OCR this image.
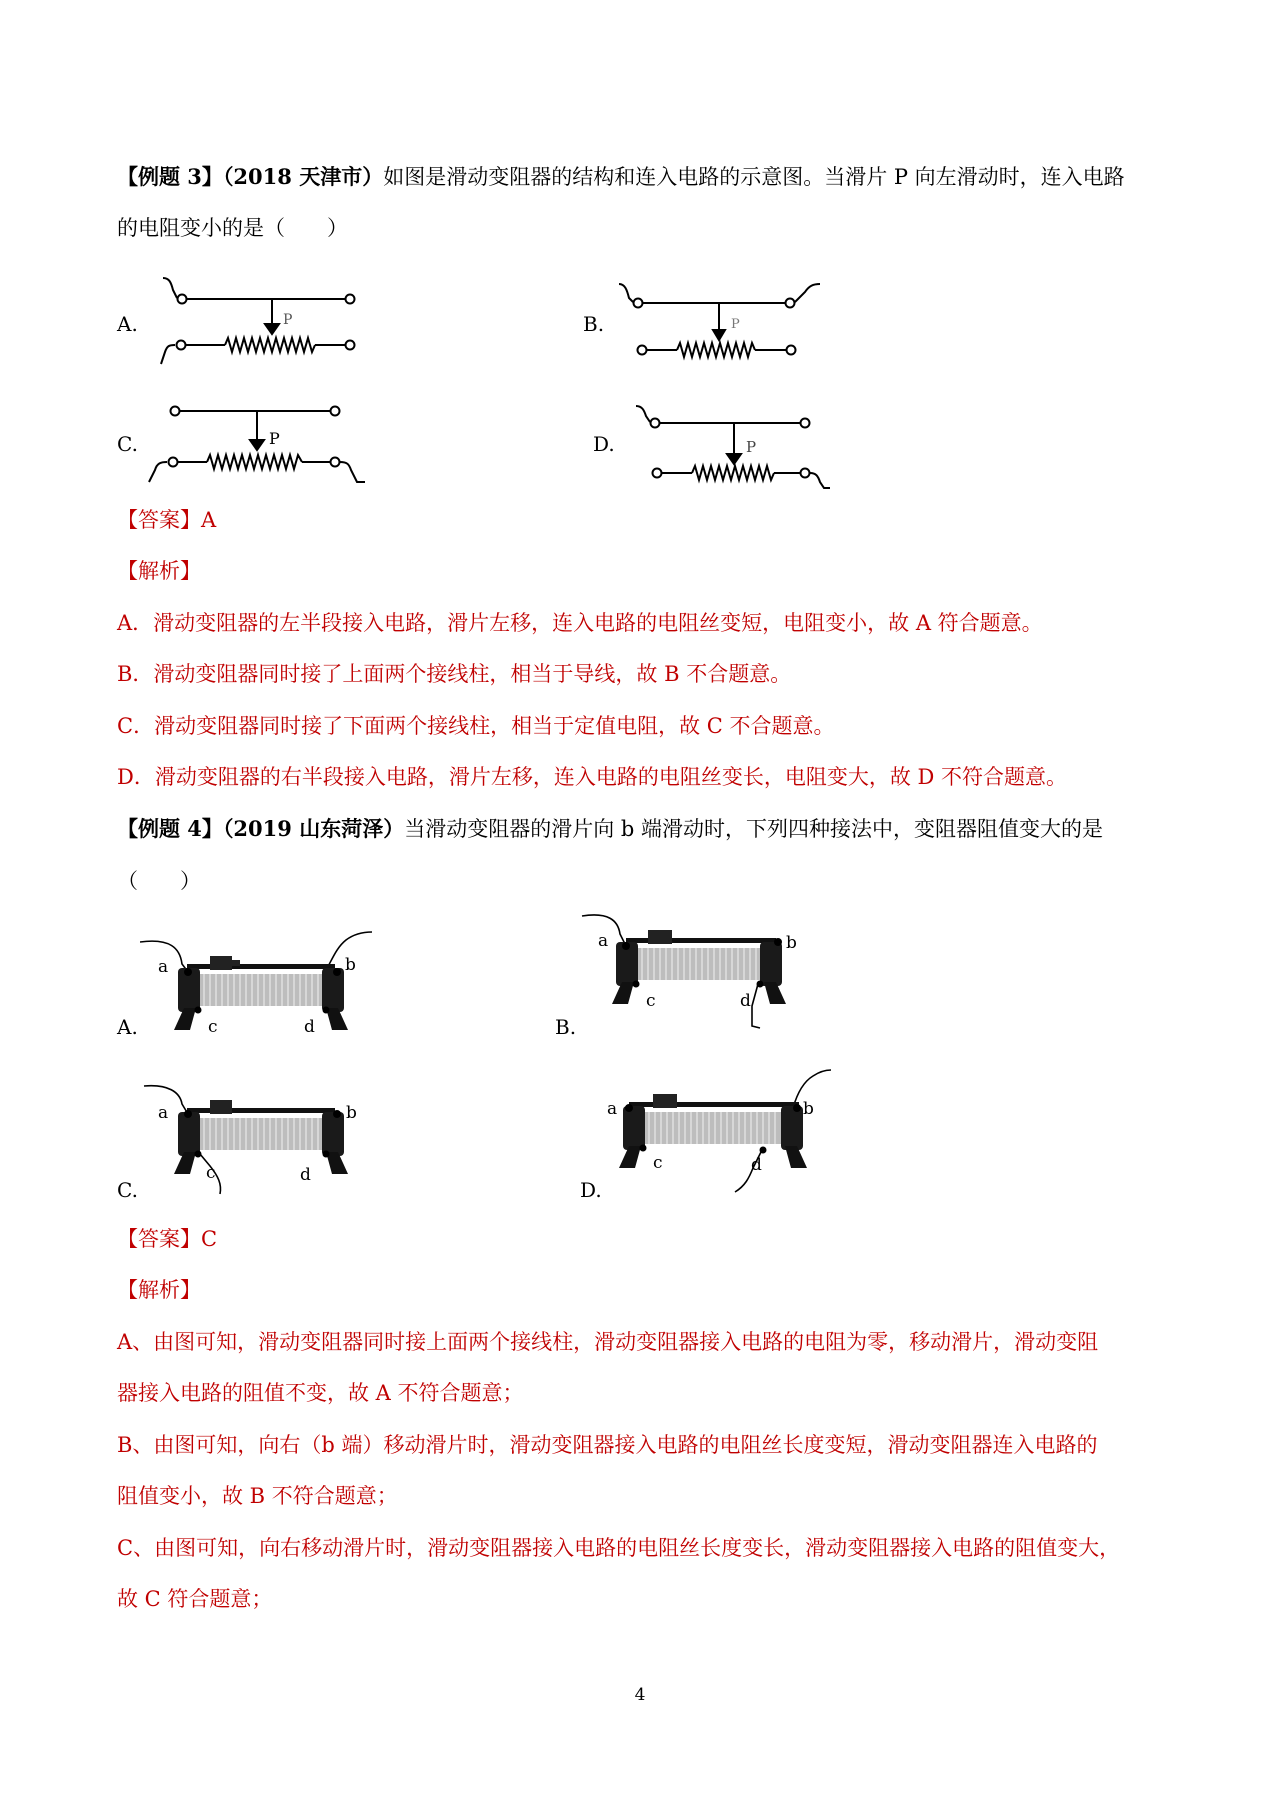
【例题 3】（2018 天津市）如图是滑动变阻器的结构和连入电路的示意图。当滑片 P 向左滑动时，连入电路
的电阻变小的是（　　）
A.	B.
C.	D.
P	P
P	P
【答案】A
【解析】
A．滑动变阻器的左半段接入电路，滑片左移，连入电路的电阻丝变短，电阻变小，故 A 符合题意。
B．滑动变阻器同时接了上面两个接线柱，相当于导线，故 B 不合题意。
C．滑动变阻器同时接了下面两个接线柱，相当于定值电阻，故 C 不合题意。
D．滑动变阻器的右半段接入电路，滑片左移，连入电路的电阻丝变长，电阻变大，故 D 不符合题意。
【例题 4】（2019 山东菏泽）当滑动变阻器的滑片向 b 端滑动时，下列四种接法中，变阻器阻值变大的是
（　　）
A.	B.
C.	D.
a	b
c	d
a	b
c	d
a	b
c	d
a	b
c	d
【答案】C
【解析】
A、由图可知，滑动变阻器同时接上面两个接线柱，滑动变阻器接入电路的电阻为零，移动滑片，滑动变阻
器接入电路的阻值不变，故 A 不符合题意；
B、由图可知，向右（b 端）移动滑片时，滑动变阻器接入电路的电阻丝长度变短，滑动变阻器连入电路的
阻值变小，故 B 不符合题意；
C、由图可知，向右移动滑片时，滑动变阻器接入电路的电阻丝长度变长，滑动变阻器接入电路的阻值变大，
故 C 符合题意；
4
